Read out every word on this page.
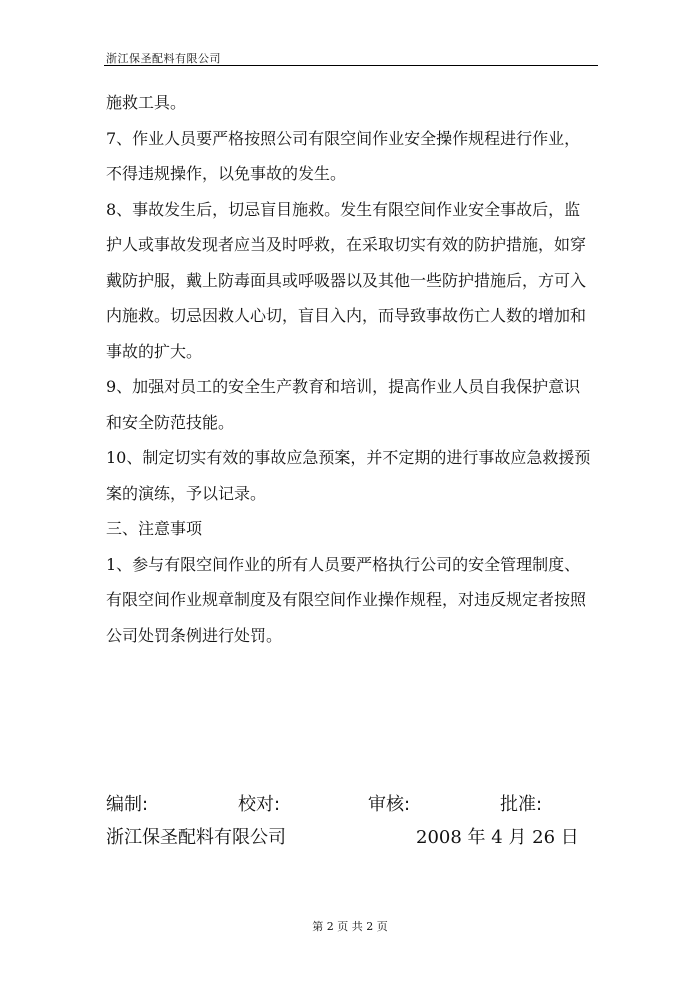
浙江保圣配料有限公司

施救工具。

7、作业人员要严格按照公司有限空间作业安全操作规程进行作业，不得违规操作，以免事故的发生。

8、事故发生后，切忌盲目施救。发生有限空间作业安全事故后，监护人或事故发现者应当及时呼救，在采取切实有效的防护措施，如穿戴防护服，戴上防毒面具或呼吸器以及其他一些防护措施后，方可入内施救。切忌因救人心切，盲目入内，而导致事故伤亡人数的增加和事故的扩大。

9、加强对员工的安全生产教育和培训，提高作业人员自我保护意识和安全防范技能。

10、制定切实有效的事故应急预案，并不定期的进行事故应急救援预案的演练，予以记录。

三、注意事项

1、参与有限空间作业的所有人员要严格执行公司的安全管理制度、有限空间作业规章制度及有限空间作业操作规程，对违反规定者按照公司处罚条例进行处罚。

编制:	校对:	审核:	批准:
浙江保圣配料有限公司	2008 年 4 月 26 日
第 2 页 共 2 页
